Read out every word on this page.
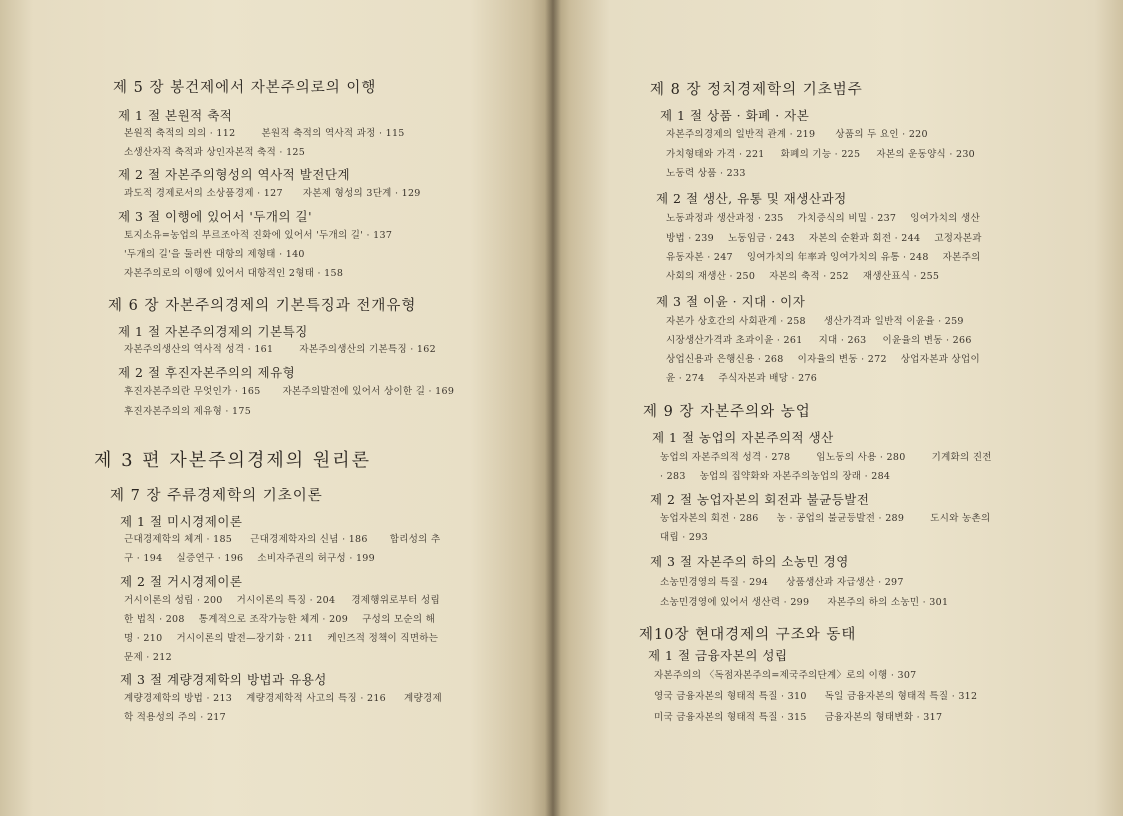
제 5 장 봉건제에서 자본주의로의 이행
제 1 절 본원적 축적
본원적 축적의 의의 · 112	본원적 축적의 역사적 과정 · 115
소생산자적 축적과 상인자본적 축적 · 125
제 2 절 자본주의형성의 역사적 발전단계
과도적 경제로서의 소상품경제 · 127 자본제 형성의 3단계 · 129
제 3 절 이행에 있어서 '두개의 길'
토지소유=농업의 부르조아적 진화에 있어서 '두개의 길' · 137
'두개의 길'을 둘러싼 대항의 제형태 · 140
자본주의로의 이행에 있어서 대항적인 2형태 · 158
제 6 장 자본주의경제의 기본특징과 전개유형
제 1 절 자본주의경제의 기본특징
자본주의생산의 역사적 성격 · 161	자본주의생산의 기본특징 · 162
제 2 절 후진자본주의의 제유형
후진자본주의란 무엇인가 · 165 자본주의발전에 있어서 상이한 길 · 169
후진자본주의의 제유형 · 175
제 3 편 자본주의경제의 원리론
제 7 장 주류경제학의 기초이론
제 1 절 미시경제이론
근대경제학의 체계 · 185 근대경제학자의 신념 · 186 합리성의 추
구 · 194 실증연구 · 196 소비자주권의 허구성 · 199
제 2 절 거시경제이론
거시이론의 성립 · 200 거시이론의 특징 · 204 경제행위로부터 성립
한 법칙 · 208 통계적으로 조작가능한 체계 · 209 구성의 모순의 해
명 · 210 거시이론의 발전—장기화 · 211 케인즈적 정책이 직면하는
문제 · 212
제 3 절 계량경제학의 방법과 유용성
계량경제학의 방법 · 213 계량경제학적 사고의 특징 · 216 계량경제
학 적용성의 주의 · 217
제 8 장 정치경제학의 기초범주
제 1 절 상품 · 화폐 · 자본
자본주의경제의 일반적 관계 · 219 상품의 두 요인 · 220
가치형태와 가격 · 221 화폐의 기능 · 225 자본의 운동양식 · 230
노동력 상품 · 233
제 2 절 생산, 유통 및 재생산과정
노동과정과 생산과정 · 235 가치증식의 비밀 · 237 잉여가치의 생산
방법 · 239 노동임금 · 243 자본의 순환과 회전 · 244 고정자본과
유동자본 · 247 잉여가치의 年率과 잉여가치의 유통 · 248 자본주의
사회의 재생산 · 250 자본의 축적 · 252 재생산표식 · 255
제 3 절 이윤 · 지대 · 이자
자본가 상호간의 사회관계 · 258 생산가격과 일반적 이윤율 · 259
시장생산가격과 초과이윤 · 261 지대 · 263 이윤율의 변동 · 266
상업신용과 은행신용 · 268 이자율의 변동 · 272 상업자본과 상업이
윤 · 274 주식자본과 배당 · 276
제 9 장 자본주의와 농업
제 1 절 농업의 자본주의적 생산
농업의 자본주의적 성격 · 278	임노동의 사용 · 280	기계화의 진전
· 283 농업의 집약화와 자본주의농업의 장래 · 284
제 2 절 농업자본의 회전과 불균등발전
농업자본의 회전 · 286 농 · 공업의 불균등발전 · 289	도시와 농촌의
대립 · 293
제 3 절 자본주의 하의 소농민 경영
소농민경영의 특질 · 294 상품생산과 자급생산 · 297
소농민경영에 있어서 생산력 · 299 자본주의 하의 소농민 · 301
제10장 현대경제의 구조와 동태
제 1 절 금융자본의 성립
자본주의의 〈독점자본주의=제국주의단계〉로의 이행 · 307
영국 금융자본의 형태적 특질 · 310 독일 금융자본의 형태적 특질 · 312
미국 금융자본의 형태적 특질 · 315 금융자본의 형태변화 · 317
